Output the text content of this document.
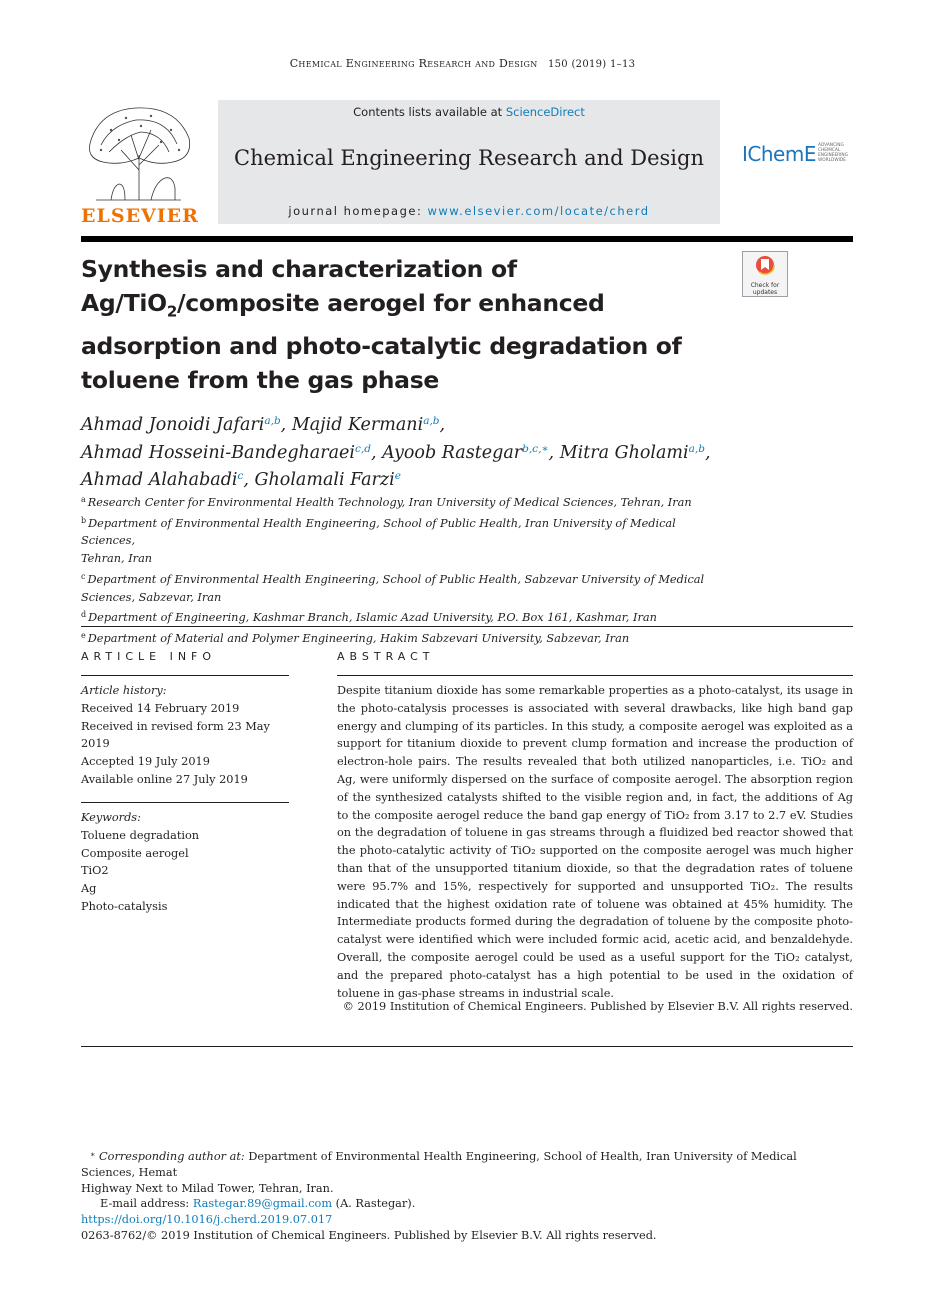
Chemical Engineering Research and Design 150 (2019) 1–13
ELSEVIER
Contents lists available at ScienceDirect
Chemical Engineering Research and Design
journal homepage: www.elsevier.com/locate/cherd
IChemE ADVANCING
CHEMICAL
ENGINEERING
WORLDWIDE
Synthesis and characterization of
Ag/TiO$_2$/composite aerogel for enhanced
adsorption and photo-catalytic degradation of
toluene from the gas phase
Check for
updates
Ahmad Jonoidi Jafari$^{a,b}$, Majid Kermani$^{a,b}$,
Ahmad Hosseini-Bandegharaei$^{c,d}$, Ayoob Rastegar$^{b,c,∗}$, Mitra Gholami$^{a,b}$,
Ahmad Alahabadi$^c$, Gholamali Farzi$^e$
$^a$ Research Center for Environmental Health Technology, Iran University of Medical Sciences, Tehran, Iran
$^b$ Department of Environmental Health Engineering, School of Public Health, Iran University of Medical Sciences,
Tehran, Iran
$^c$ Department of Environmental Health Engineering, School of Public Health, Sabzevar University of Medical
Sciences, Sabzevar, Iran
$^d$ Department of Engineering, Kashmar Branch, Islamic Azad University, P.O. Box 161, Kashmar, Iran
$^e$ Department of Material and Polymer Engineering, Hakim Sabzevari University, Sabzevar, Iran
ARTICLE INFO
Article history:
Received 14 February 2019
Received in revised form 23 May
2019
Accepted 19 July 2019
Available online 27 July 2019
Keywords:
Toluene degradation
Composite aerogel
TiO2
Ag
Photo-catalysis
ABSTRACT
Despite titanium dioxide has some remarkable properties as a photo-catalyst, its usage in the photo-catalysis processes is associated with several drawbacks, like high band gap energy and clumping of its particles. In this study, a composite aerogel was exploited as a support for titanium dioxide to prevent clump formation and increase the production of electron-hole pairs. The results revealed that both utilized nanoparticles, i.e. TiO₂ and Ag, were uniformly dispersed on the surface of composite aerogel. The absorption region of the synthesized catalysts shifted to the visible region and, in fact, the additions of Ag to the composite aerogel reduce the band gap energy of TiO₂ from 3.17 to 2.7 eV. Studies on the degradation of toluene in gas streams through a fluidized bed reactor showed that the photo-catalytic activity of TiO₂ supported on the composite aerogel was much higher than that of the unsupported titanium dioxide, so that the degradation rates of toluene were 95.7% and 15%, respectively for supported and unsupported TiO₂. The results indicated that the highest oxidation rate of toluene was obtained at 45% humidity. The Intermediate products formed during the degradation of toluene by the composite photo-catalyst were identified which were included formic acid, acetic acid, and benzaldehyde. Overall, the composite aerogel could be used as a useful support for the TiO₂ catalyst, and the prepared photo-catalyst has a high potential to be used in the oxidation of toluene in gas-phase streams in industrial scale.
© 2019 Institution of Chemical Engineers. Published by Elsevier B.V. All rights reserved.
∗ Corresponding author at: Department of Environmental Health Engineering, School of Health, Iran University of Medical Sciences, Hemat
Highway Next to Milad Tower, Tehran, Iran.
E-mail address: Rastegar.89@gmail.com (A. Rastegar).
https://doi.org/10.1016/j.cherd.2019.07.017
0263-8762/© 2019 Institution of Chemical Engineers. Published by Elsevier B.V. All rights reserved.
